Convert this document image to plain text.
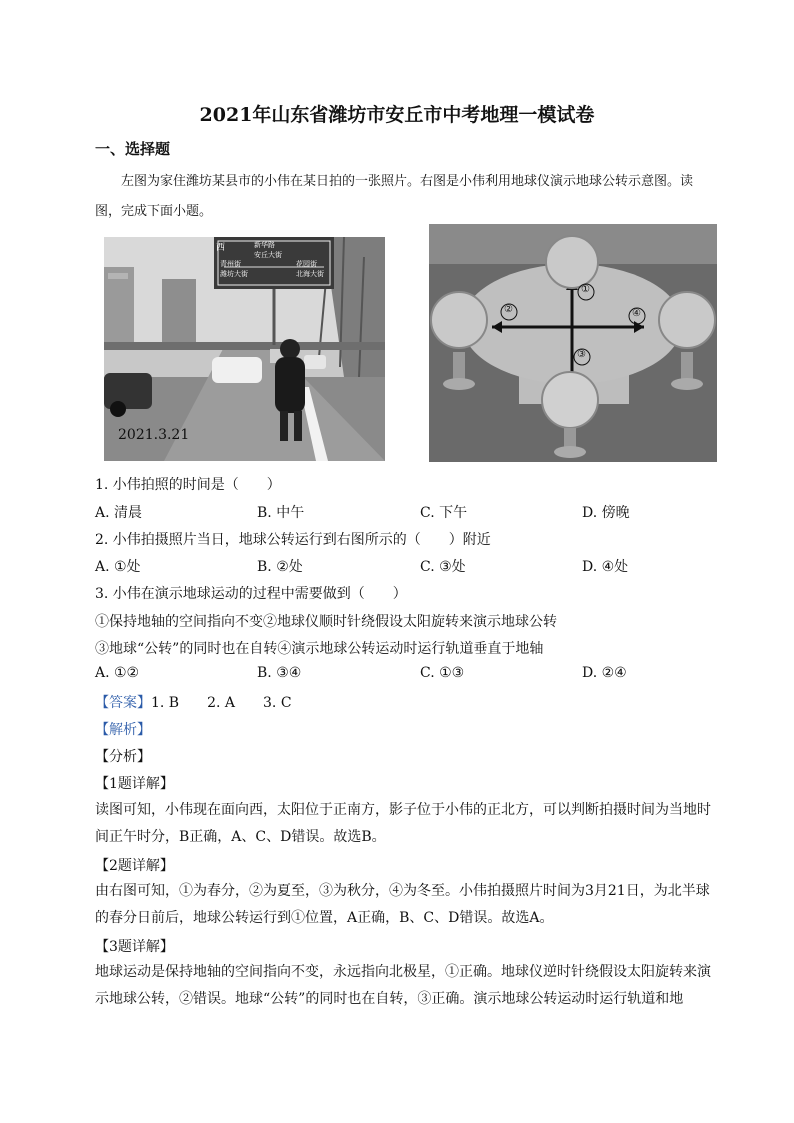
2021年山东省潍坊市安丘市中考地理一模试卷
一、选择题
左图为家住潍坊某县市的小伟在某日拍的一张照片。右图是小伟利用地球仪演示地球公转示意图。读图，完成下面小题。
西	新华路
安丘大街
青州街
潍坊大街
花园街
北海大街
2021.3.21
①
②
③
④
1. 小伟拍照的时间是（　　）
A. 清晨	B. 中午	C. 下午	D. 傍晚
2. 小伟拍摄照片当日，地球公转运行到右图所示的（　　）附近
A. ①处	B. ②处	C. ③处	D. ④处
3. 小伟在演示地球运动的过程中需要做到（　　）
①保持地轴的空间指向不变②地球仪顺时针绕假设太阳旋转来演示地球公转
③地球“公转”的同时也在自转④演示地球公转运动时运行轨道垂直于地轴
A. ①②	B. ③④	C. ①③	D. ②④
【答案】1. B　　2. A　　3. C
【解析】
【分析】
【1题详解】
读图可知，小伟现在面向西，太阳位于正南方，影子位于小伟的正北方，可以判断拍摄时间为当地时间正午时分，B正确，A、C、D错误。故选B。
【2题详解】
由右图可知，①为春分，②为夏至，③为秋分，④为冬至。小伟拍摄照片时间为3月21日，为北半球的春分日前后，地球公转运行到①位置，A正确，B、C、D错误。故选A。
【3题详解】
地球运动是保持地轴的空间指向不变，永远指向北极星，①正确。地球仪逆时针绕假设太阳旋转来演示地球公转，②错误。地球“公转”的同时也在自转，③正确。演示地球公转运动时运行轨道和地
